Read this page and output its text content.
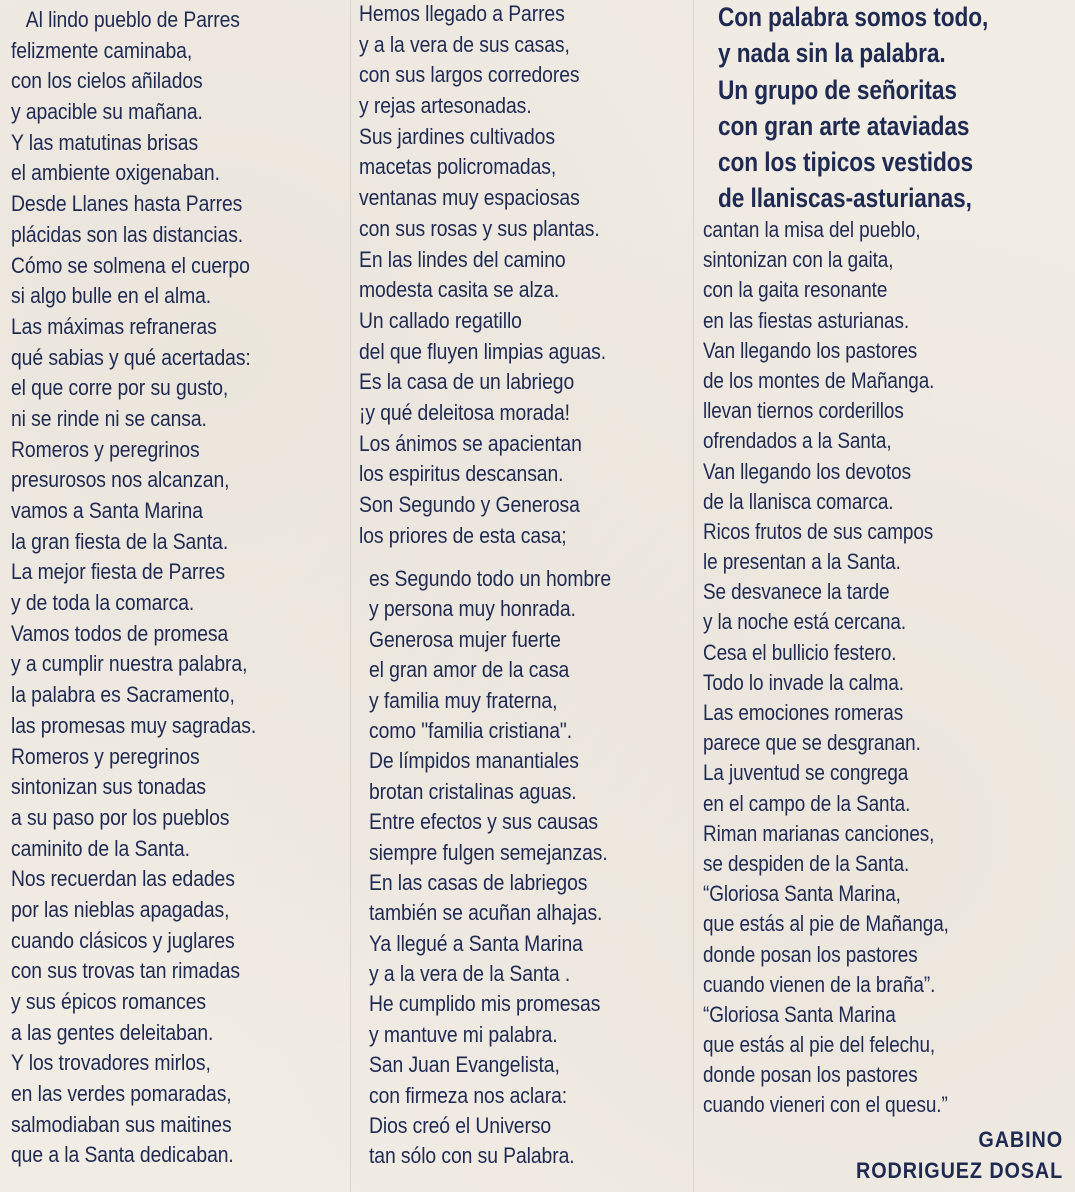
Al lindo pueblo de Parres
felizmente caminaba,
con los cielos añilados
y apacible su mañana.
Y las matutinas brisas
el ambiente oxigenaban.
Desde Llanes hasta Parres
plácidas son las distancias.
Cómo se solmena el cuerpo
si algo bulle en el alma.
Las máximas refraneras
qué sabias y qué acertadas:
el que corre por su gusto,
ni se rinde ni se cansa.
Romeros y peregrinos
presurosos nos alcanzan,
vamos a Santa Marina
la gran fiesta de la Santa.
La mejor fiesta de Parres
y de toda la comarca.
Vamos todos de promesa
y a cumplir nuestra palabra,
la palabra es Sacramento,
las promesas muy sagradas.
Romeros y peregrinos
sintonizan sus tonadas
a su paso por los pueblos
caminito de la Santa.
Nos recuerdan las edades
por las nieblas apagadas,
cuando clásicos y juglares
con sus trovas tan rimadas
y sus épicos romances
a las gentes deleitaban.
Y los trovadores mirlos,
en las verdes pomaradas,
salmodiaban sus maitines
que a la Santa dedicaban.
Hemos llegado a Parres
y a la vera de sus casas,
con sus largos corredores
y rejas artesonadas.
Sus jardines cultivados
macetas policromadas,
ventanas muy espaciosas
con sus rosas y sus plantas.
En las lindes del camino
modesta casita se alza.
Un callado regatillo
del que fluyen limpias aguas.
Es la casa de un labriego
¡y qué deleitosa morada!
Los ánimos se apacientan
los espiritus descansan.
Son Segundo y Generosa
los priores de esta casa;
es Segundo todo un hombre
y persona muy honrada.
Generosa mujer fuerte
el gran amor de la casa
y familia muy fraterna,
como "familia cristiana".
De límpidos manantiales
brotan cristalinas aguas.
Entre efectos y sus causas
siempre fulgen semejanzas.
En las casas de labriegos
también se acuñan alhajas.
Ya llegué a Santa Marina
y a la vera de la Santa .
He cumplido mis promesas
y mantuve mi palabra.
San Juan Evangelista,
con firmeza nos aclara:
Dios creó el Universo
tan sólo con su Palabra.
Con palabra somos todo,
y nada sin la palabra.
Un grupo de señoritas
con gran arte ataviadas
con los tipicos vestidos
de llaniscas-asturianas,
cantan la misa del pueblo,
sintonizan con la gaita,
con la gaita resonante
en las fiestas asturianas.
Van llegando los pastores
de los montes de Mañanga.
llevan tiernos corderillos
ofrendados a la Santa,
Van llegando los devotos
de la llanisca comarca.
Ricos frutos de sus campos
le presentan a la Santa.
Se desvanece la tarde
y la noche está cercana.
Cesa el bullicio festero.
Todo lo invade la calma.
Las emociones romeras
parece que se desgranan.
La juventud se congrega
en el campo de la Santa.
Riman marianas canciones,
se despiden de la Santa.
“Gloriosa Santa Marina,
que estás al pie de Mañanga,
donde posan los pastores
cuando vienen de la braña”.
“Gloriosa Santa Marina
que estás al pie del felechu,
donde posan los pastores
cuando vieneri con el quesu.”
GABINO
RODRIGUEZ DOSAL
